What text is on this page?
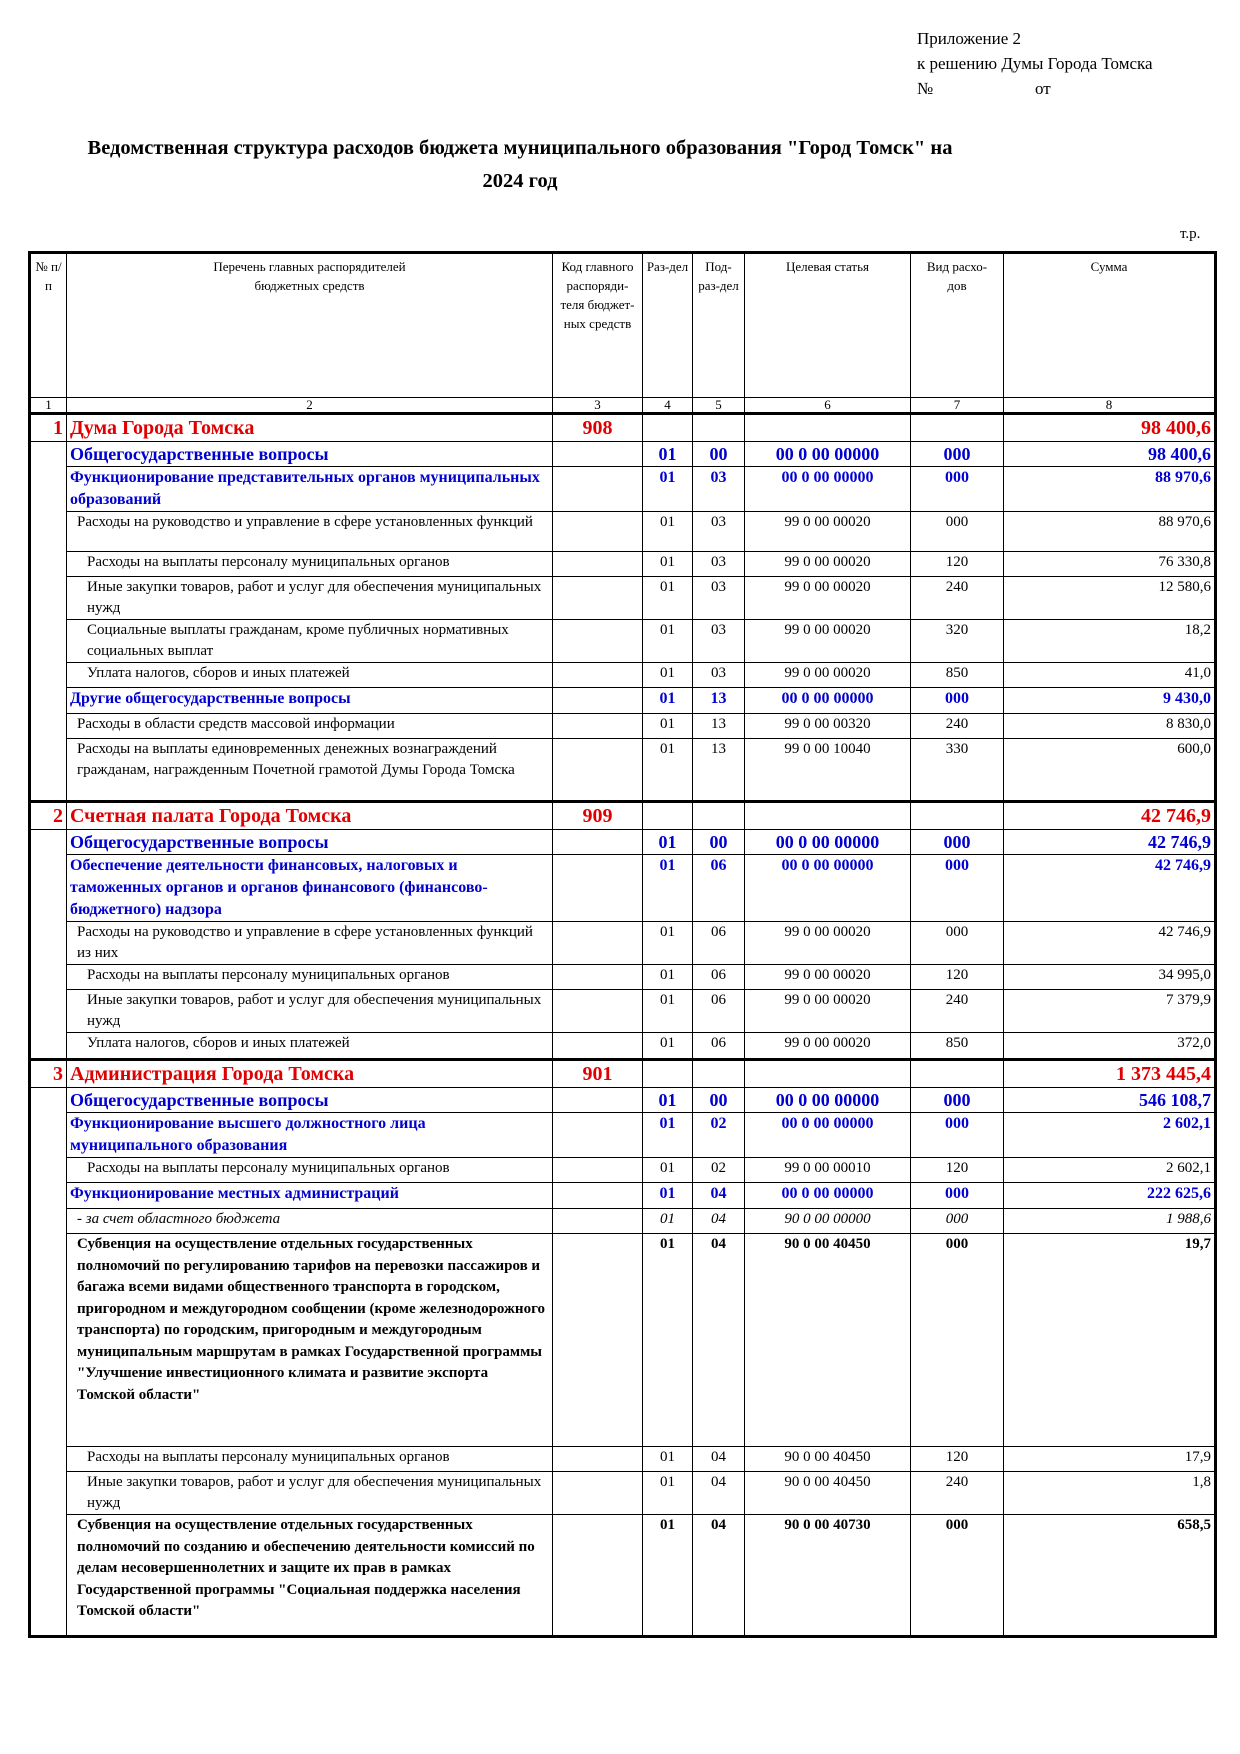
Приложение 2
к решению Думы Города Томска
№	от
Ведомственная структура расходов бюджета муниципального образования "Город Томск" на
2024 год
т.р.
№ п/п	Перечень главных распорядителей бюджетных средств	Код главного распоряди-теля бюджет-ных средств	Раз-дел	Под-раз-дел	Целевая статья	Вид расхо-дов	Сумма
1	2	3	4	5	6	7	8
1	Дума Города Томска	908					98 400,6
	Общегосударственные вопросы		01	00	00 0 00 00000	000	98 400,6
	Функционирование представительных органов муниципальных образований		01	03	00 0 00 00000	000	88 970,6
	Расходы на руководство и управление в сфере установленных функций		01	03	99 0 00 00020	000	88 970,6
	Расходы на выплаты персоналу муниципальных органов		01	03	99 0 00 00020	120	76 330,8
	Иные закупки товаров, работ и услуг для обеспечения муниципальных нужд		01	03	99 0 00 00020	240	12 580,6
	Социальные выплаты гражданам, кроме публичных нормативных социальных выплат		01	03	99 0 00 00020	320	18,2
	Уплата налогов, сборов и иных платежей		01	03	99 0 00 00020	850	41,0
	Другие общегосударственные вопросы		01	13	00 0 00 00000	000	9 430,0
	Расходы в области средств массовой информации		01	13	99 0 00 00320	240	8 830,0
	Расходы на выплаты единовременных денежных вознаграждений гражданам, награжденным Почетной грамотой Думы Города Томска		01	13	99 0 00 10040	330	600,0
2	Счетная палата Города Томска	909					42 746,9
	Общегосударственные вопросы		01	00	00 0 00 00000	000	42 746,9
	Обеспечение деятельности финансовых, налоговых и таможенных органов и органов финансового (финансово-бюджетного) надзора		01	06	00 0 00 00000	000	42 746,9
	Расходы на руководство и управление в сфере установленных функций из них		01	06	99 0 00 00020	000	42 746,9
	Расходы на выплаты персоналу муниципальных органов		01	06	99 0 00 00020	120	34 995,0
	Иные закупки товаров, работ и услуг для обеспечения муниципальных нужд		01	06	99 0 00 00020	240	7 379,9
	Уплата налогов, сборов и иных платежей		01	06	99 0 00 00020	850	372,0
3	Администрация Города Томска	901					1 373 445,4
	Общегосударственные вопросы		01	00	00 0 00 00000	000	546 108,7
	Функционирование высшего должностного лица муниципального образования		01	02	00 0 00 00000	000	2 602,1
	Расходы на выплаты персоналу муниципальных органов		01	02	99 0 00 00010	120	2 602,1
	Функционирование местных администраций		01	04	00 0 00 00000	000	222 625,6
	- за счет областного бюджета		01	04	90 0 00 00000	000	1 988,6
	Субвенция на осуществление отдельных государственных полномочий по регулированию тарифов на перевозки пассажиров и багажа всеми видами общественного транспорта в городском, пригородном и междугородном сообщении (кроме железнодорожного транспорта) по городским, пригородным и междугородным муниципальным маршрутам в рамках Государственной программы "Улучшение инвестиционного климата и развитие экспорта Томской области"		01	04	90 0 00 40450	000	19,7
	Расходы на выплаты персоналу муниципальных органов		01	04	90 0 00 40450	120	17,9
	Иные закупки товаров, работ и услуг для обеспечения муниципальных нужд		01	04	90 0 00 40450	240	1,8
	Субвенция на осуществление отдельных государственных полномочий по созданию и обеспечению деятельности комиссий по делам несовершеннолетних и защите их прав в рамках Государственной программы "Социальная поддержка населения Томской области"		01	04	90 0 00 40730	000	658,5
